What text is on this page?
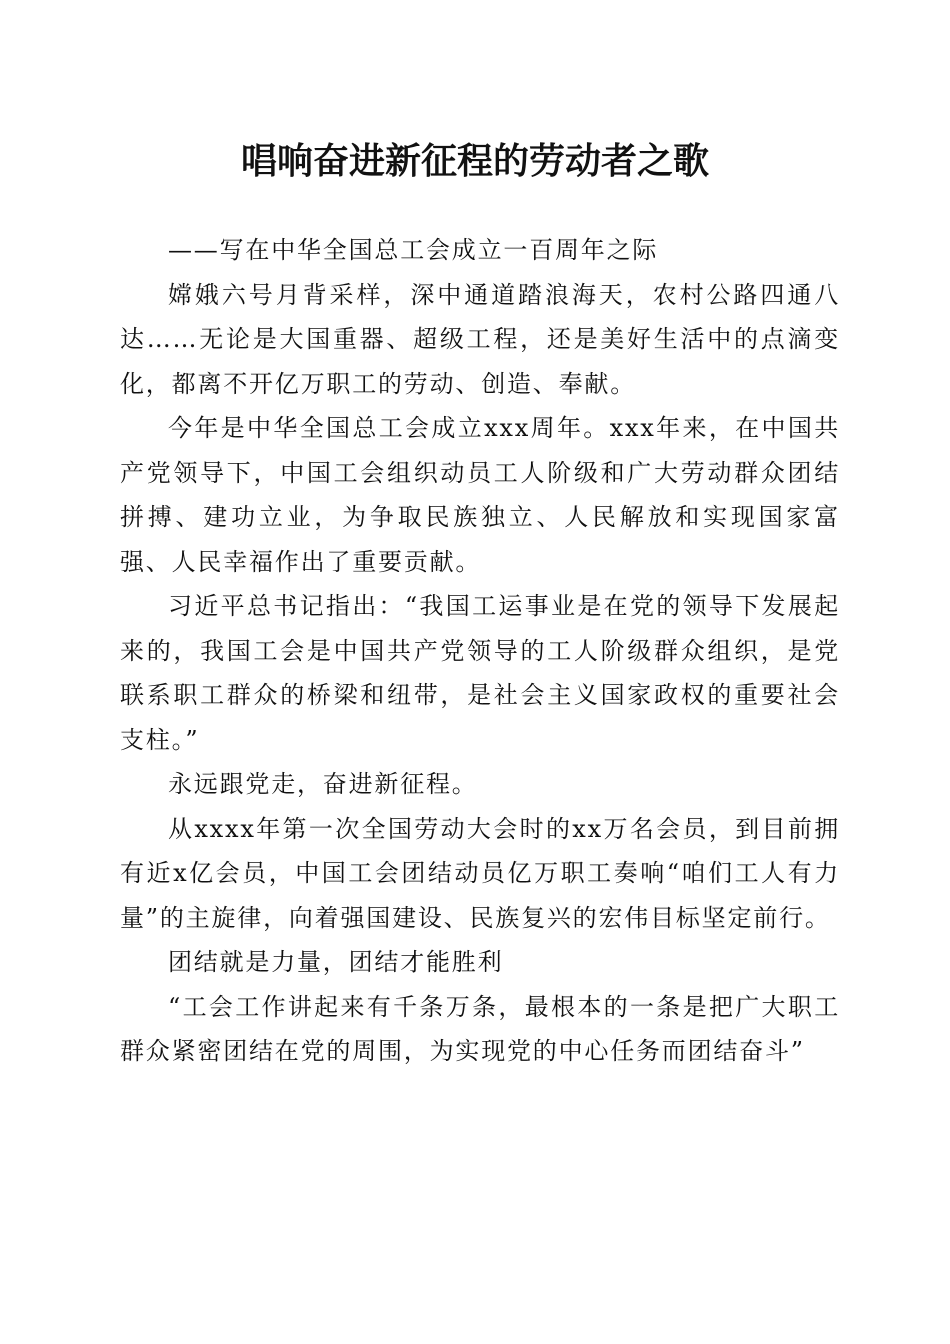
唱响奋进新征程的劳动者之歌

——写在中华全国总工会成立一百周年之际

嫦娥六号月背采样，深中通道踏浪海天，农村公路四通八达……无论是大国重器、超级工程，还是美好生活中的点滴变化，都离不开亿万职工的劳动、创造、奉献。

今年是中华全国总工会成立xxx周年。xxx年来，在中国共产党领导下，中国工会组织动员工人阶级和广大劳动群众团结拼搏、建功立业，为争取民族独立、人民解放和实现国家富强、人民幸福作出了重要贡献。

习近平总书记指出：“我国工运事业是在党的领导下发展起来的，我国工会是中国共产党领导的工人阶级群众组织，是党联系职工群众的桥梁和纽带，是社会主义国家政权的重要社会支柱。”

永远跟党走，奋进新征程。

从xxxx年第一次全国劳动大会时的xx万名会员，到目前拥有近x亿会员，中国工会团结动员亿万职工奏响“咱们工人有力量”的主旋律，向着强国建设、民族复兴的宏伟目标坚定前行。

团结就是力量，团结才能胜利

“工会工作讲起来有千条万条，最根本的一条是把广大职工群众紧密团结在党的周围，为实现党的中心任务而团结奋斗”
